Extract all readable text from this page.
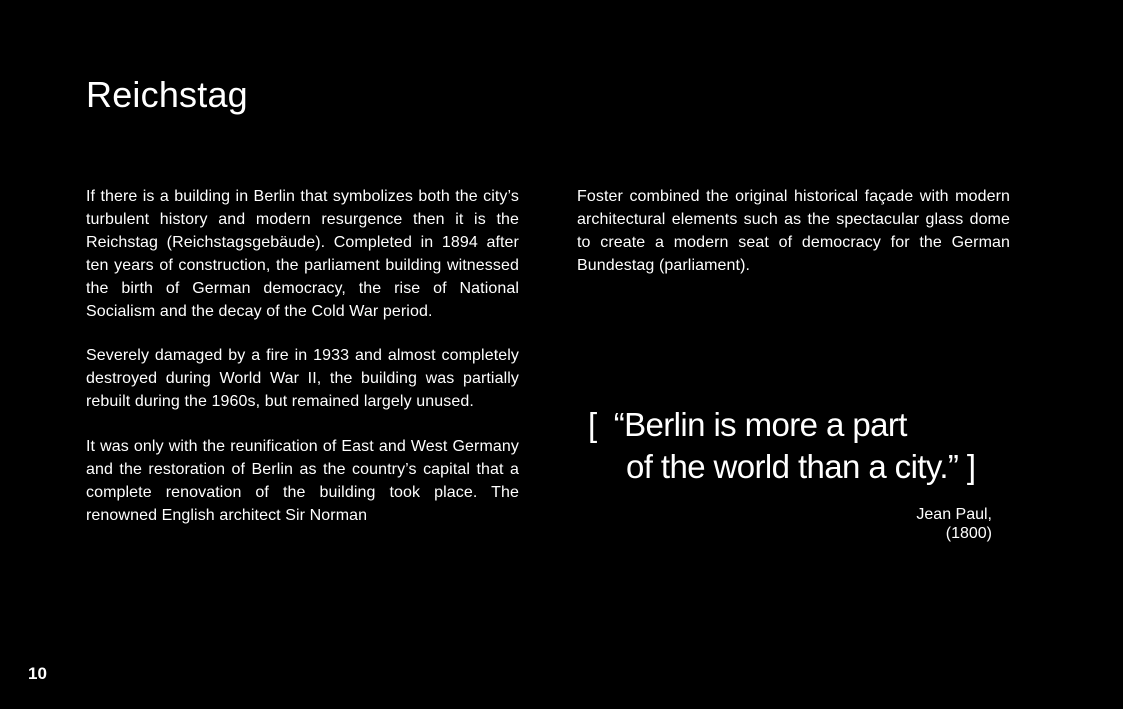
Reichstag

If there is a building in Berlin that symbolizes both the city’s turbulent history and modern resurgence then it is the Reichstag (Reichstagsgebäude). Completed in 1894 after ten years of construction, the parliament building witnessed the birth of German democracy, the rise of National Socialism and the decay of the Cold War period.

Severely damaged by a fire in 1933 and almost completely destroyed during World War II, the building was partially rebuilt during the 1960s, but remained largely unused.

It was only with the reunification of East and West Germany and the restoration of Berlin as the country’s capital that a complete renovation of the building took place. The renowned English architect Sir Norman

Foster combined the original historical façade with modern architectural elements such as the spectacular glass dome to create a modern seat of democracy for the German Bundestag (parliament).

[ “Berlin is more a part

of the world than a city.” ]

Jean Paul,
(1800)
10
